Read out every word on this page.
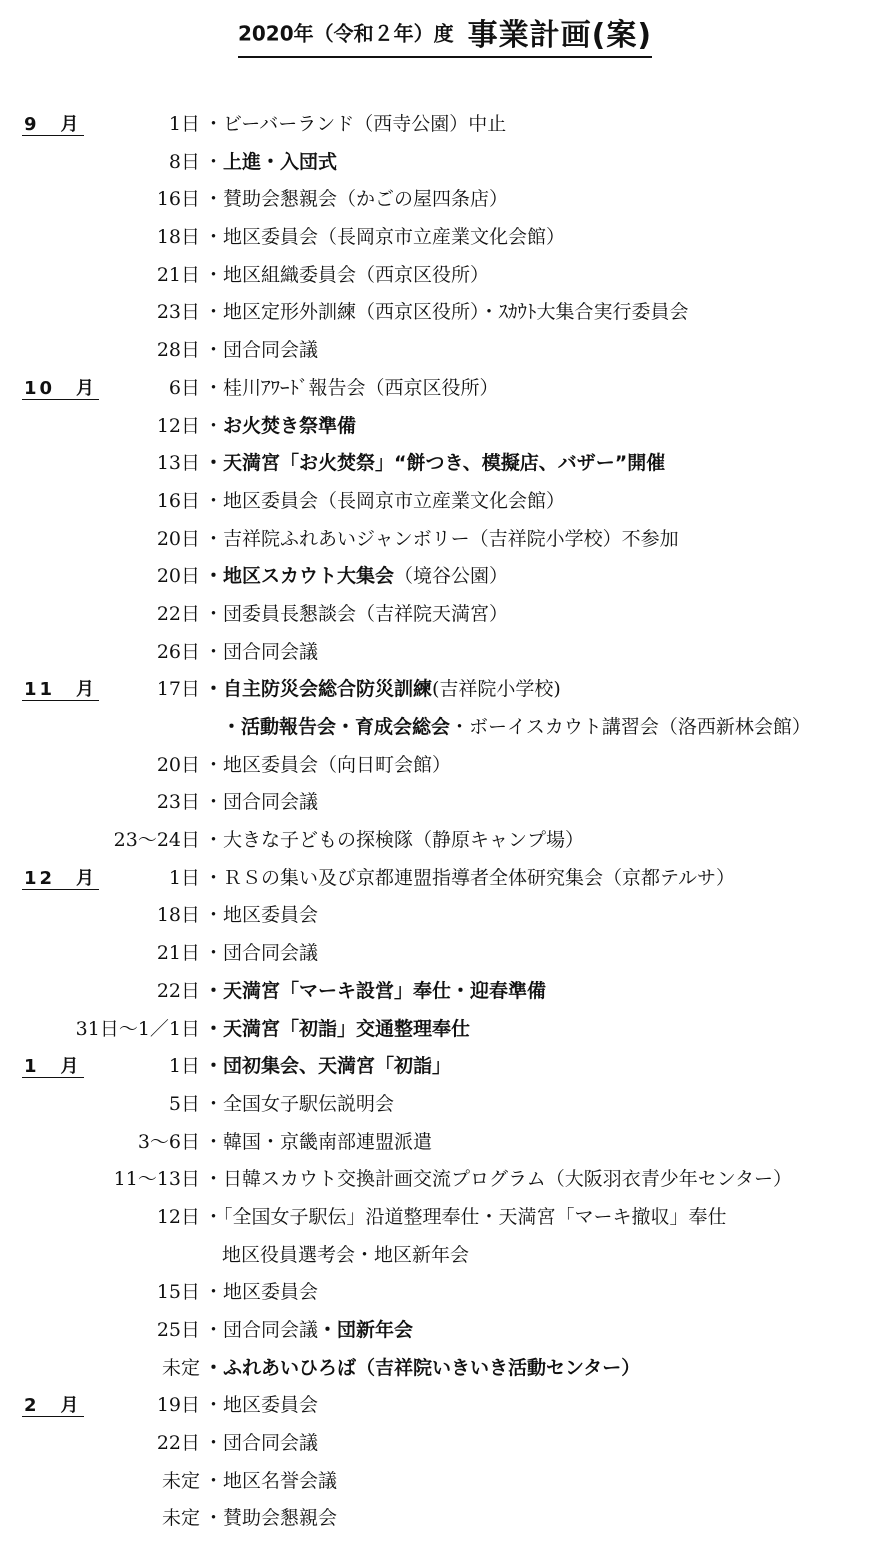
2020年（令和２年）度 事業計画(案)
9　月	1日 ・ビーバーランド（西寺公園）中止
8日 ・上進・入団式
16日 ・賛助会懇親会（かごの屋四条店）
18日 ・地区委員会（長岡京市立産業文化会館）
21日 ・地区組織委員会（西京区役所）
23日 ・地区定形外訓練（西京区役所）・ｽｶｳﾄ大集合実行委員会
28日 ・団合同会議
10　月	6日 ・桂川ｱﾜｰﾄﾞ報告会（西京区役所）
12日 ・お火焚き祭準備
13日 ・天満宮「お火焚祭」“餅つき、模擬店、バザー”開催
16日 ・地区委員会（長岡京市立産業文化会館）
20日 ・吉祥院ふれあいジャンボリー（吉祥院小学校）不参加
20日 ・地区スカウト大集会（境谷公園）
22日 ・団委員長懇談会（吉祥院天満宮）
26日 ・団合同会議
11　月	17日 ・自主防災会総合防災訓練(吉祥院小学校)
・活動報告会・育成会総会・ボーイスカウト講習会（洛西新林会館）
20日 ・地区委員会（向日町会館）
23日 ・団合同会議
23～24日 ・大きな子どもの探検隊（静原キャンプ場）
12　月	1日 ・ＲＳの集い及び京都連盟指導者全体研究集会（京都テルサ）
18日 ・地区委員会
21日 ・団合同会議
22日 ・天満宮「マーキ設営」奉仕・迎春準備
31日～1／1日 ・天満宮「初詣」交通整理奉仕
1　月	1日 ・団初集会、天満宮「初詣」
5日 ・全国女子駅伝説明会
3～6日 ・韓国・京畿南部連盟派遣
11～13日 ・日韓スカウト交換計画交流プログラム（大阪羽衣青少年センター）
12日 ・「全国女子駅伝」沿道整理奉仕・天満宮「マーキ撤収」奉仕
地区役員選考会・地区新年会
15日 ・地区委員会
25日 ・団合同会議・団新年会
未定 ・ふれあいひろば（吉祥院いきいき活動センター）
2　月	19日 ・地区委員会
22日 ・団合同会議
未定 ・地区名誉会議
未定 ・賛助会懇親会
